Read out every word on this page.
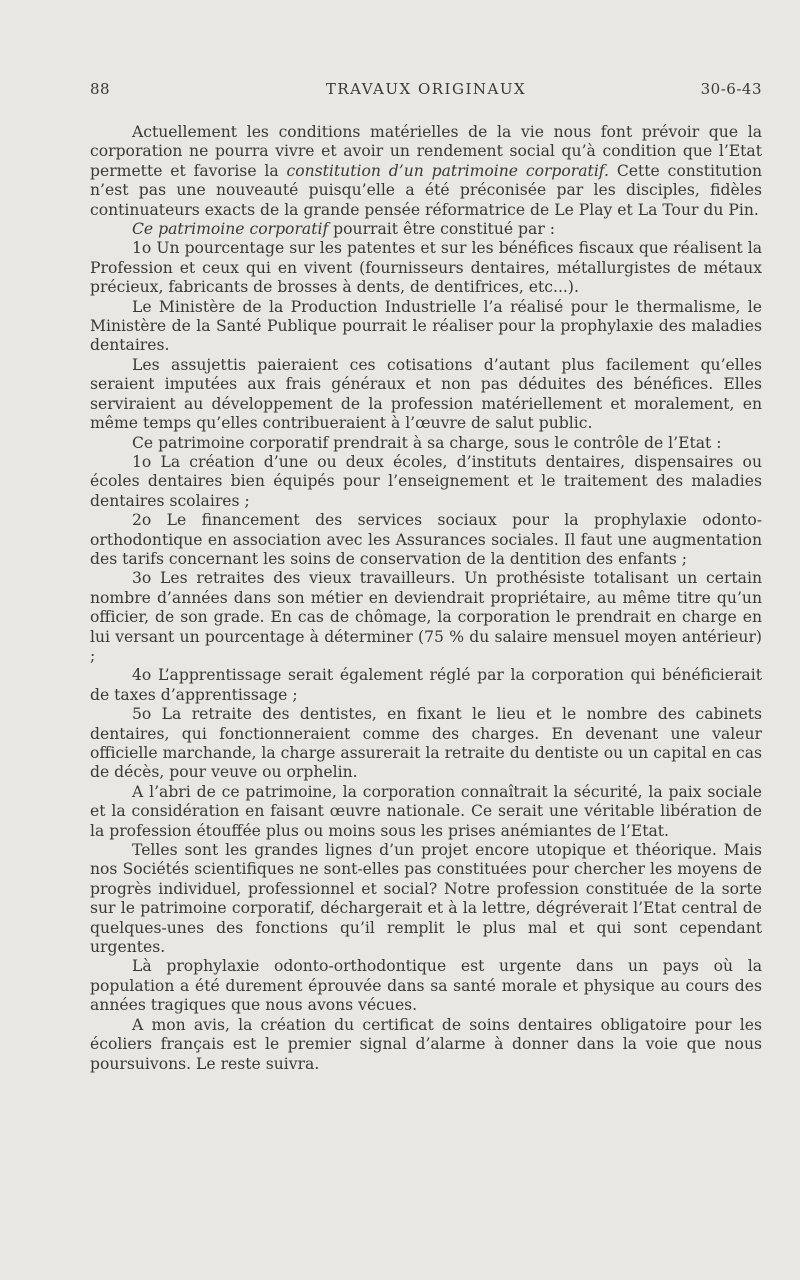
88	TRAVAUX ORIGINAUX	30-6-43

Actuellement les conditions matérielles de la vie nous font prévoir que la corporation ne pourra vivre et avoir un rendement social qu’à condition que l’Etat permette et favorise la constitution d’un patrimoine corporatif. Cette constitution n’est pas une nouveauté puisqu’elle a été préconisée par les disciples, fidèles continuateurs exacts de la grande pensée réformatrice de Le Play et La Tour du Pin.

Ce patrimoine corporatif pourrait être constitué par :

1o Un pourcentage sur les patentes et sur les bénéfices fiscaux que réalisent la Profession et ceux qui en vivent (fournisseurs dentaires, métallurgistes de métaux précieux, fabricants de brosses à dents, de dentifrices, etc...).

Le Ministère de la Production Industrielle l’a réalisé pour le thermalisme, le Ministère de la Santé Publique pourrait le réaliser pour la prophylaxie des maladies dentaires.

Les assujettis paieraient ces cotisations d’autant plus facilement qu’elles seraient imputées aux frais généraux et non pas déduites des bénéfices. Elles serviraient au développement de la profession matériellement et moralement, en même temps qu’elles contribueraient à l’œuvre de salut public.

Ce patrimoine corporatif prendrait à sa charge, sous le contrôle de l’Etat :

1o La création d’une ou deux écoles, d’instituts dentaires, dispensaires ou écoles dentaires bien équipés pour l’enseignement et le traitement des maladies dentaires scolaires ;

2o Le financement des services sociaux pour la prophylaxie odonto-orthodontique en association avec les Assurances sociales. Il faut une augmentation des tarifs concernant les soins de conservation de la dentition des enfants ;

3o Les retraites des vieux travailleurs. Un prothésiste totalisant un certain nombre d’années dans son métier en deviendrait propriétaire, au même titre qu’un officier, de son grade. En cas de chômage, la corporation le prendrait en charge en lui versant un pourcentage à déterminer (75 % du salaire mensuel moyen antérieur) ;

4o L’apprentissage serait également réglé par la corporation qui bénéficierait de taxes d’apprentissage ;

5o La retraite des dentistes, en fixant le lieu et le nombre des cabinets dentaires, qui fonctionneraient comme des charges. En devenant une valeur officielle marchande, la charge assurerait la retraite du dentiste ou un capital en cas de décès, pour veuve ou orphelin.

A l’abri de ce patrimoine, la corporation connaîtrait la sécurité, la paix sociale et la considération en faisant œuvre nationale. Ce serait une véritable libération de la profession étouffée plus ou moins sous les prises anémiantes de l’Etat.

Telles sont les grandes lignes d’un projet encore utopique et théorique. Mais nos Sociétés scientifiques ne sont-elles pas constituées pour chercher les moyens de progrès individuel, professionnel et social? Notre profession constituée de la sorte sur le patrimoine corporatif, déchargerait et à la lettre, dégréverait l’Etat central de quelques-unes des fonctions qu’il remplit le plus mal et qui sont cependant urgentes.

Là prophylaxie odonto-orthodontique est urgente dans un pays où la population a été durement éprouvée dans sa santé morale et physique au cours des années tragiques que nous avons vécues.

A mon avis, la création du certificat de soins dentaires obligatoire pour les écoliers français est le premier signal d’alarme à donner dans la voie que nous poursuivons. Le reste suivra.
